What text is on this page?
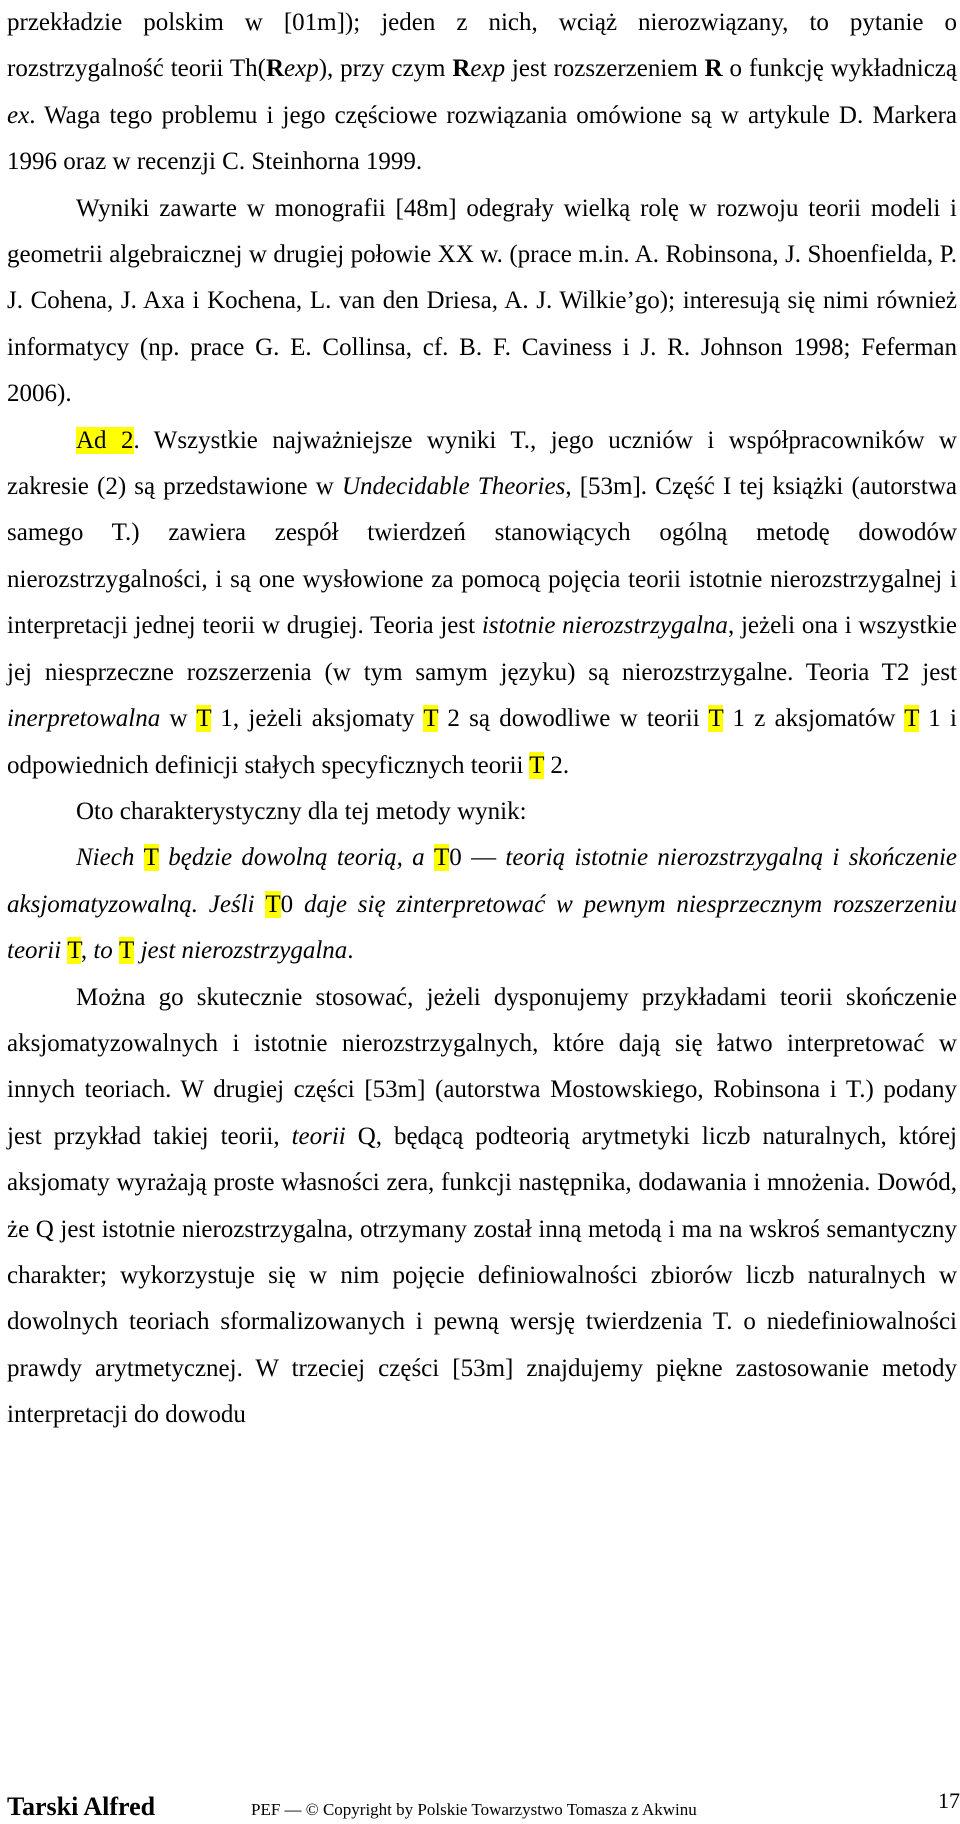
przekładzie polskim w [01m]); jeden z nich, wciąż nierozwiązany, to pytanie o rozstrzygalność teorii Th(Rexp), przy czym Rexp jest rozszerzeniem R o funkcję wykładniczą ex. Waga tego problemu i jego częściowe rozwiązania omówione są w artykule D. Markera 1996 oraz w recenzji C. Steinhorna 1999.

Wyniki zawarte w monografii [48m] odegrały wielką rolę w rozwoju teorii modeli i geometrii algebraicznej w drugiej połowie XX w. (prace m.in. A. Robinsona, J. Shoenfielda, P. J. Cohena, J. Axa i Kochena, L. van den Driesa, A. J. Wilkie’go); interesują się nimi również informatycy (np. prace G. E. Collinsa, cf. B. F. Caviness i J. R. Johnson 1998; Feferman 2006).

Ad 2. Wszystkie najważniejsze wyniki T., jego uczniów i współpracowników w zakresie (2) są przedstawione w Undecidable Theories, [53m]. Część I tej książki (autorstwa samego T.) zawiera zespół twierdzeń stanowiących ogólną metodę dowodów nierozstrzygalności, i są one wysłowione za pomocą pojęcia teorii istotnie nierozstrzygalnej i interpretacji jednej teorii w drugiej. Teoria jest istotnie nierozstrzygalna, jeżeli ona i wszystkie jej niesprzeczne rozszerzenia (w tym samym języku) są nierozstrzygalne. Teoria T2 jest inerpretowalna w T 1, jeżeli aksjomaty T 2 są dowodliwe w teorii T 1 z aksjomatów T 1 i odpowiednich definicji stałych specyficznych teorii T 2.

Oto charakterystyczny dla tej metody wynik:

Niech T będzie dowolną teorią, a T0 — teorią istotnie nierozstrzygalną i skończenie aksjomatyzowalną. Jeśli T0 daje się zinterpretować w pewnym niesprzecznym rozszerzeniu teorii T, to T jest nierozstrzygalna.

Można go skutecznie stosować, jeżeli dysponujemy przykładami teorii skończenie aksjomatyzowalnych i istotnie nierozstrzygalnych, które dają się łatwo interpretować w innych teoriach. W drugiej części [53m] (autorstwa Mostowskiego, Robinsona i T.) podany jest przykład takiej teorii, teorii Q, będącą podteorią arytmetyki liczb naturalnych, której aksjomaty wyrażają proste własności zera, funkcji następnika, dodawania i mnożenia. Dowód, że Q jest istotnie nierozstrzygalna, otrzymany został inną metodą i ma na wskroś semantyczny charakter; wykorzystuje się w nim pojęcie definiowalności zbiorów liczb naturalnych w dowolnych teoriach sformalizowanych i pewną wersję twierdzenia T. o niedefiniowalności prawdy arytmetycznej. W trzeciej części [53m] znajdujemy piękne zastosowanie metody interpretacji do dowodu

Tarski Alfred	PEF — © Copyright by Polskie Towarzystwo Tomasza z Akwinu	17
